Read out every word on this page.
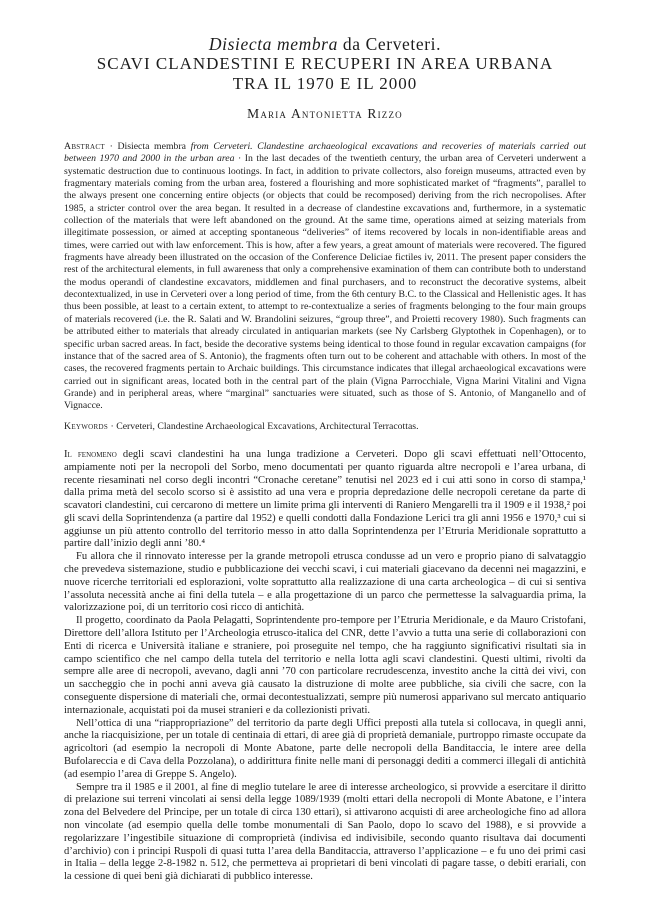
Disiecta membra da Cerveteri.
SCAVI CLANDESTINI E RECUPERI IN AREA URBANA
TRA IL 1970 E IL 2000
Maria Antonietta Rizzo
Abstract · Disiecta membra from Cerveteri. Clandestine archaeological excavations and recoveries of materials carried out between 1970 and 2000 in the urban area · In the last decades of the twentieth century, the urban area of Cerveteri underwent a systematic destruction due to continuous lootings. In fact, in addition to private collectors, also foreign museums, attracted even by fragmentary materials coming from the urban area, fostered a flourishing and more sophisticated market of “fragments”, parallel to the always present one concerning entire objects (or objects that could be recomposed) deriving from the rich necropolises. After 1985, a stricter control over the area began. It resulted in a decrease of clandestine excavations and, furthermore, in a systematic collection of the materials that were left abandoned on the ground. At the same time, operations aimed at seizing materials from illegitimate possession, or aimed at accepting spontaneous “deliveries” of items recovered by locals in non-identifiable areas and times, were carried out with law enforcement. This is how, after a few years, a great amount of materials were recovered. The figured fragments have already been illustrated on the occasion of the Conference Deliciae fictiles iv, 2011. The present paper considers the rest of the architectural elements, in full awareness that only a comprehensive examination of them can contribute both to understand the modus operandi of clandestine excavators, middlemen and final purchasers, and to reconstruct the decorative systems, albeit decontextualized, in use in Cerveteri over a long period of time, from the 6th century B.C. to the Classical and Hellenistic ages. It has thus been possible, at least to a certain extent, to attempt to re-contextualize a series of fragments belonging to the four main groups of materials recovered (i.e. the R. Salati and W. Brandolini seizures, “group three”, and Proietti recovery 1980). Such fragments can be attributed either to materials that already circulated in antiquarian markets (see Ny Carlsberg Glyptothek in Copenhagen), or to specific urban sacred areas. In fact, beside the decorative systems being identical to those found in regular excavation campaigns (for instance that of the sacred area of S. Antonio), the fragments often turn out to be coherent and attachable with others. In most of the cases, the recovered fragments pertain to Archaic buildings. This circumstance indicates that illegal archaeological excavations were carried out in significant areas, located both in the central part of the plain (Vigna Parrocchiale, Vigna Marini Vitalini and Vigna Grande) and in peripheral areas, where “marginal” sanctuaries were situated, such as those of S. Antonio, of Manganello and of Vignacce.
Keywords · Cerveteri, Clandestine Archaeological Excavations, Architectural Terracottas.

Il fenomeno degli scavi clandestini ha una lunga tradizione a Cerveteri. Dopo gli scavi effettuati nell’Ottocento, ampiamente noti per la necropoli del Sorbo, meno documentati per quanto riguarda altre necropoli e l’area urbana, di recente riesaminati nel corso degli incontri “Cronache ceretane” tenutisi nel 2023 ed i cui atti sono in corso di stampa,¹ dalla prima metà del secolo scorso si è assistito ad una vera e propria depredazione delle necropoli ceretane da parte di scavatori clandestini, cui cercarono di mettere un limite prima gli interventi di Raniero Mengarelli tra il 1909 e il 1938,² poi gli scavi della Soprintendenza (a partire dal 1952) e quelli condotti dalla Fondazione Lerici tra gli anni 1956 e 1970,³ cui si aggiunse un più attento controllo del territorio messo in atto dalla Soprintendenza per l’Etruria Meridionale soprattutto a partire dall’inizio degli anni ’80.⁴

Fu allora che il rinnovato interesse per la grande metropoli etrusca condusse ad un vero e proprio piano di salvataggio che prevedeva sistemazione, studio e pubblicazione dei vecchi scavi, i cui materiali giacevano da decenni nei magazzini, e nuove ricerche territoriali ed esplorazioni, volte soprattutto alla realizzazione di una carta archeologica – di cui si sentiva l’assoluta necessità anche ai fini della tutela – e alla progettazione di un parco che permettesse la salvaguardia prima, la valorizzazione poi, di un territorio così ricco di antichità.

Il progetto, coordinato da Paola Pelagatti, Soprintendente pro-tempore per l’Etruria Meridionale, e da Mauro Cristofani, Direttore dell’allora Istituto per l’Archeologia etrusco-italica del CNR, dette l’avvio a tutta una serie di collaborazioni con Enti di ricerca e Università italiane e straniere, poi proseguite nel tempo, che ha raggiunto significativi risultati sia in campo scientifico che nel campo della tutela del territorio e nella lotta agli scavi clandestini. Questi ultimi, rivolti da sempre alle aree di necropoli, avevano, dagli anni ’70 con particolare recrudescenza, investito anche la città dei vivi, con un saccheggio che in pochi anni aveva già causato la distruzione di molte aree pubbliche, sia civili che sacre, con la conseguente dispersione di materiali che, ormai decontestualizzati, sempre più numerosi apparivano sul mercato antiquario internazionale, acquistati poi da musei stranieri e da collezionisti privati.

Nell’ottica di una “riappropriazione” del territorio da parte degli Uffici preposti alla tutela si collocava, in quegli anni, anche la riacquisizione, per un totale di centinaia di ettari, di aree già di proprietà demaniale, purtroppo rimaste occupate da agricoltori (ad esempio la necropoli di Monte Abatone, parte delle necropoli della Banditaccia, le intere aree della Bufolareccia e di Cava della Pozzolana), o addirittura finite nelle mani di personaggi dediti a commerci illegali di antichità (ad esempio l’area di Greppe S. Angelo).

Sempre tra il 1985 e il 2001, al fine di meglio tutelare le aree di interesse archeologico, si provvide a esercitare il diritto di prelazione sui terreni vincolati ai sensi della legge 1089/1939 (molti ettari della necropoli di Monte Abatone, e l’intera zona del Belvedere del Principe, per un totale di circa 130 ettari), si attivarono acquisti di aree archeologiche fino ad allora non vincolate (ad esempio quella delle tombe monumentali di San Paolo, dopo lo scavo del 1988), e si provvide a regolarizzare l’ingestibile situazione di comproprietà (indivisa ed indivisibile, secondo quanto risultava dai documenti d’archivio) con i principi Ruspoli di quasi tutta l’area della Banditaccia, attraverso l’applicazione – e fu uno dei primi casi in Italia – della legge 2-8-1982 n. 512, che permetteva ai proprietari di beni vincolati di pagare tasse, o debiti erariali, con la cessione di quei beni già dichiarati di pubblico interesse.
